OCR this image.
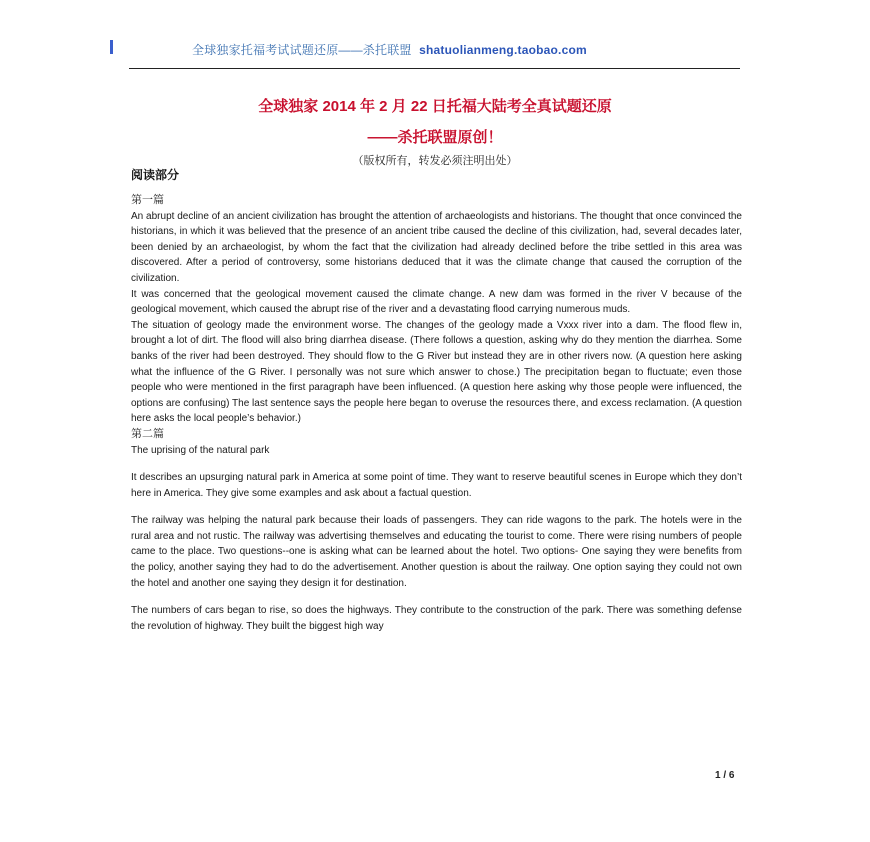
全球独家托福考试试题还原——杀托联盟 shatuolianmeng.taobao.com
全球独家 2014 年 2 月 22 日托福大陆考全真试题还原
——杀托联盟原创！
（版权所有，转发必须注明出处）
阅读部分

第一篇

An abrupt decline of an ancient civilization has brought the attention of archaeologists and historians. The thought that once convinced the historians, in which it was believed that the presence of an ancient tribe caused the decline of this civilization, had, several decades later, been denied by an archaeologist, by whom the fact that the civilization had already declined before the tribe settled in this area was discovered. After a period of controversy, some historians deduced that it was the climate change that caused the corruption of the civilization.

It was concerned that the geological movement caused the climate change. A new dam was formed in the river V because of the geological movement, which caused the abrupt rise of the river and a devastating flood carrying numerous muds.

The situation of geology made the environment worse. The changes of the geology made a Vxxx river into a dam. The flood flew in, brought a lot of dirt. The flood will also bring diarrhea disease. (There follows a question, asking why do they mention the diarrhea. Some banks of the river had been destroyed. They should flow to the G River but instead they are in other rivers now. (A question here asking what the influence of the G River. I personally was not sure which answer to chose.) The precipitation began to fluctuate; even those people who were mentioned in the first paragraph have been influenced. (A question here asking why those people were influenced, the options are confusing) The last sentence says the people here began to overuse the resources there, and excess reclamation. (A question here asks the local people’s behavior.)

第二篇

The uprising of the natural park

It describes an upsurging natural park in America at some point of time. They want to reserve beautiful scenes in Europe which they don’t here in America. They give some examples and ask about a factual question.

The railway was helping the natural park because their loads of passengers. They can ride wagons to the park. The hotels were in the rural area and not rustic. The railway was advertising themselves and educating the tourist to come. There were rising numbers of people came to the place. Two questions--one is asking what can be learned about the hotel. Two options- One saying they were benefits from the policy, another saying they had to do the advertisement. Another question is about the railway. One option saying they could not own the hotel and another one saying they design it for destination.

The numbers of cars began to rise, so does the highways. They contribute to the construction of the park. There was something defense the revolution of highway. They built the biggest high way

1 / 6
